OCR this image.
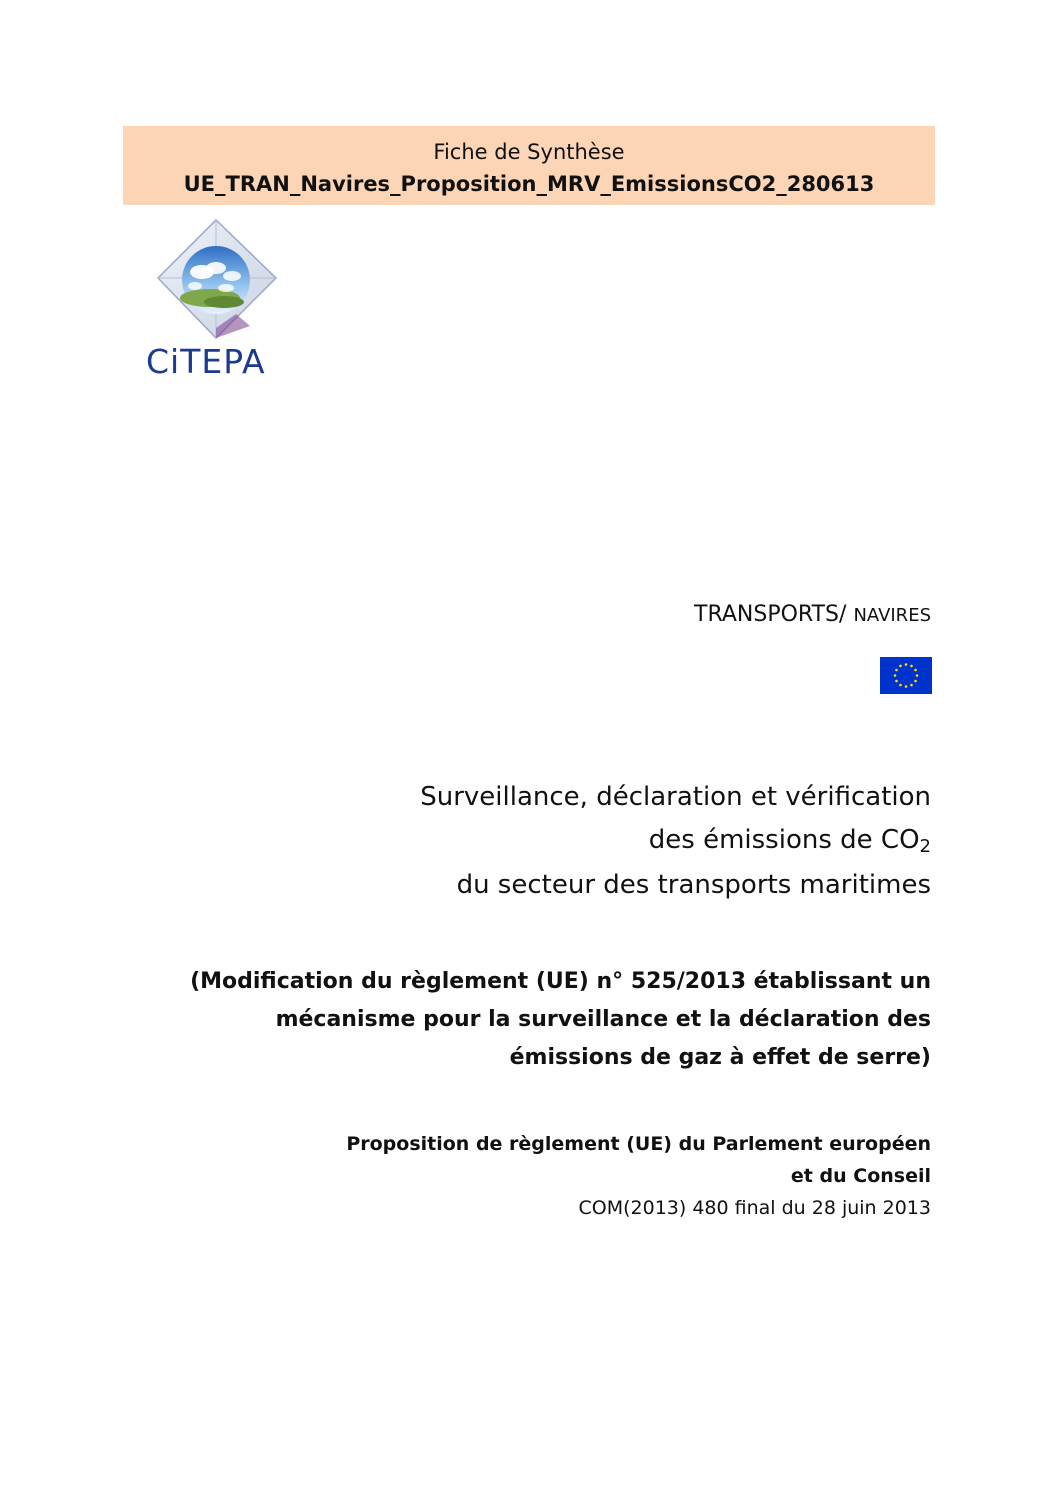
Fiche de Synthèse
UE_TRAN_Navires_Proposition_MRV_EmissionsCO2_280613
CiTEPA
TRANSPORTS/ NAVIRES
Surveillance, déclaration et vérification
des émissions de CO2
du secteur des transports maritimes
(Modification du règlement (UE) n° 525/2013 établissant un
mécanisme pour la surveillance et la déclaration des
émissions de gaz à effet de serre)
Proposition de règlement (UE) du Parlement européen
et du Conseil
COM(2013) 480 final du 28 juin 2013
